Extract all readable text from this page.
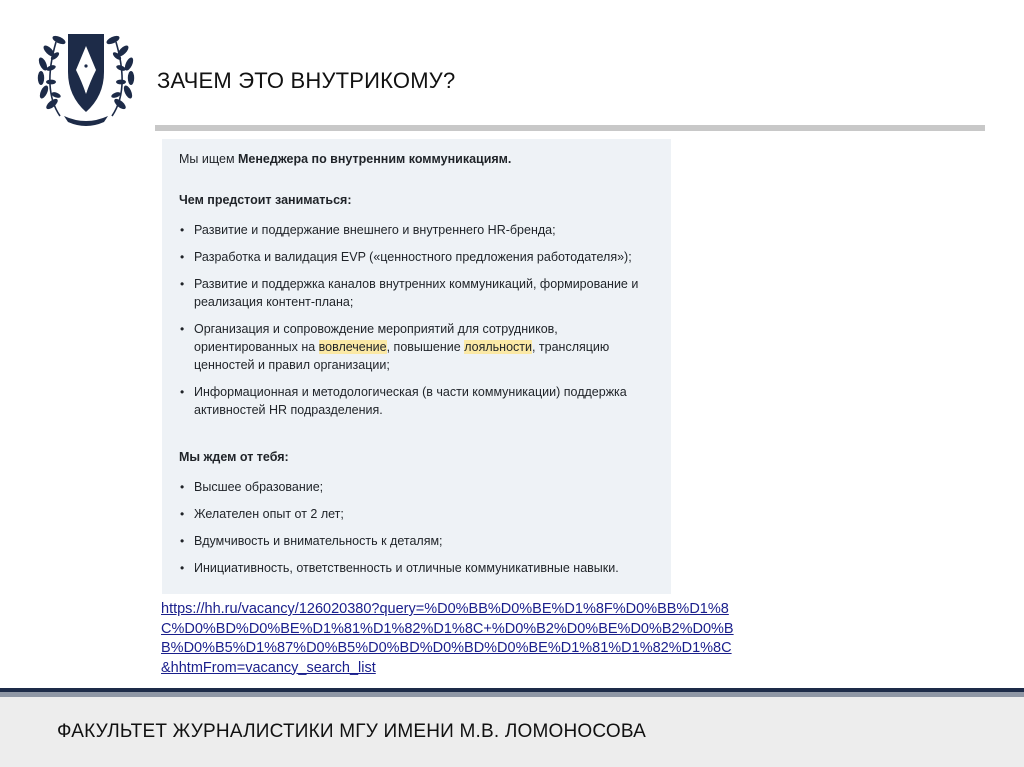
ЗАЧЕМ ЭТО ВНУТРИКОМУ?

Мы ищем Менеджера по внутренним коммуникациям.

Чем предстоит заниматься:

• Развитие и поддержание внешнего и внутреннего HR-бренда;
• Разработка и валидация EVP («ценностного предложения работодателя»);
• Развитие и поддержка каналов внутренних коммуникаций, формирование и реализация контент-плана;
• Организация и сопровождение мероприятий для сотрудников, ориентированных на вовлечение, повышение лояльности, трансляцию ценностей и правил организации;
• Информационная и методологическая (в части коммуникации) поддержка активностей HR подразделения.

Мы ждем от тебя:

• Высшее образование;
• Желателен опыт от 2 лет;
• Вдумчивость и внимательность к деталям;
• Инициативность, ответственность и отличные коммуникативные навыки.
https://hh.ru/vacancy/126020380?query=%D0%BB%D0%BE%D1%8F%D0%BB%D1%8C%D0%BD%D0%BE%D1%81%D1%82%D1%8C+%D0%B2%D0%BE%D0%B2%D0%BB%D0%B5%D1%87%D0%B5%D0%BD%D0%BD%D0%BE%D1%81%D1%82%D1%8C&hhtmFrom=vacancy_search_list
ФАКУЛЬТЕТ ЖУРНАЛИСТИКИ МГУ ИМЕНИ М.В. ЛОМОНОСОВА
